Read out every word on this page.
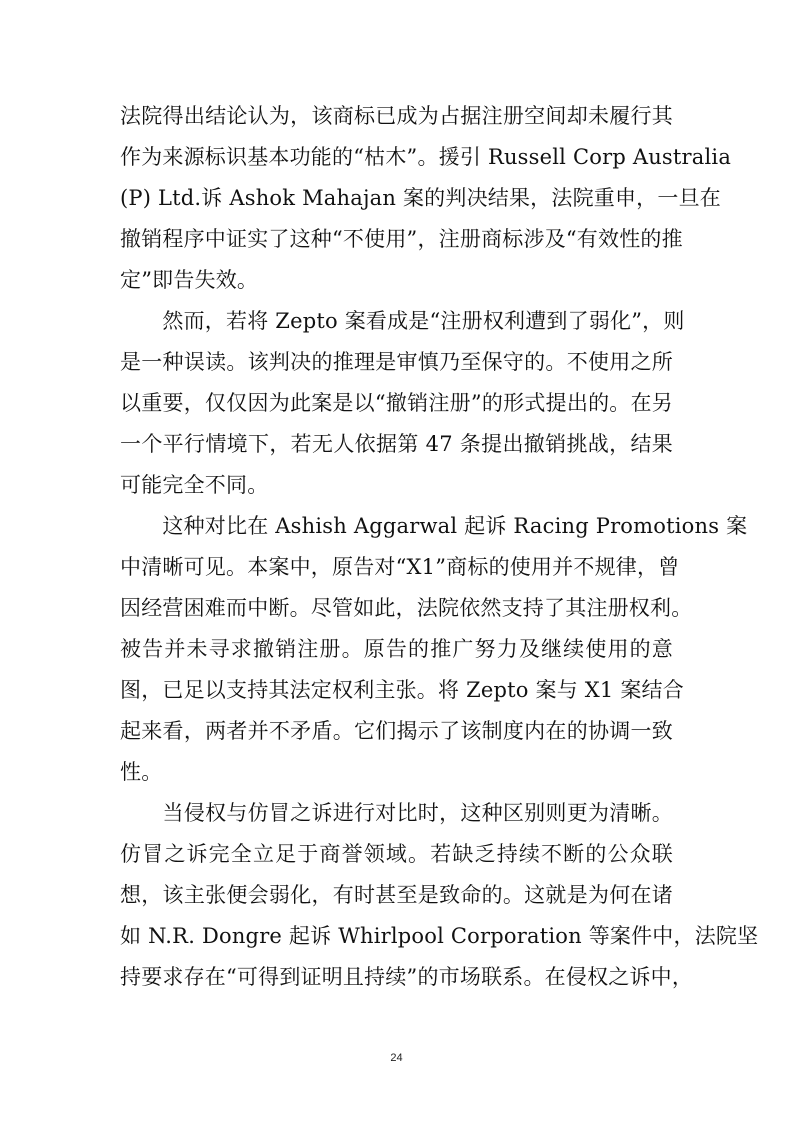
法院得出结论认为，该商标已成为占据注册空间却未履行其
作为来源标识基本功能的“枯木”。援引 Russell Corp Australia
(P) Ltd.诉 Ashok Mahajan 案的判决结果，法院重申，一旦在
撤销程序中证实了这种“不使用”，注册商标涉及“有效性的推
定”即告失效。
　　然而，若将 Zepto 案看成是“注册权利遭到了弱化”，则
是一种误读。该判决的推理是审慎乃至保守的。不使用之所
以重要，仅仅因为此案是以“撤销注册”的形式提出的。在另
一个平行情境下，若无人依据第 47 条提出撤销挑战，结果
可能完全不同。
　　这种对比在 Ashish Aggarwal 起诉 Racing Promotions 案
中清晰可见。本案中，原告对“X1”商标的使用并不规律，曾
因经营困难而中断。尽管如此，法院依然支持了其注册权利。
被告并未寻求撤销注册。原告的推广努力及继续使用的意
图，已足以支持其法定权利主张。将 Zepto 案与 X1 案结合
起来看，两者并不矛盾。它们揭示了该制度内在的协调一致
性。
　　当侵权与仿冒之诉进行对比时，这种区别则更为清晰。
仿冒之诉完全立足于商誉领域。若缺乏持续不断的公众联
想，该主张便会弱化，有时甚至是致命的。这就是为何在诸
如 N.R. Dongre 起诉 Whirlpool Corporation 等案件中，法院坚
持要求存在“可得到证明且持续”的市场联系。在侵权之诉中，
24
